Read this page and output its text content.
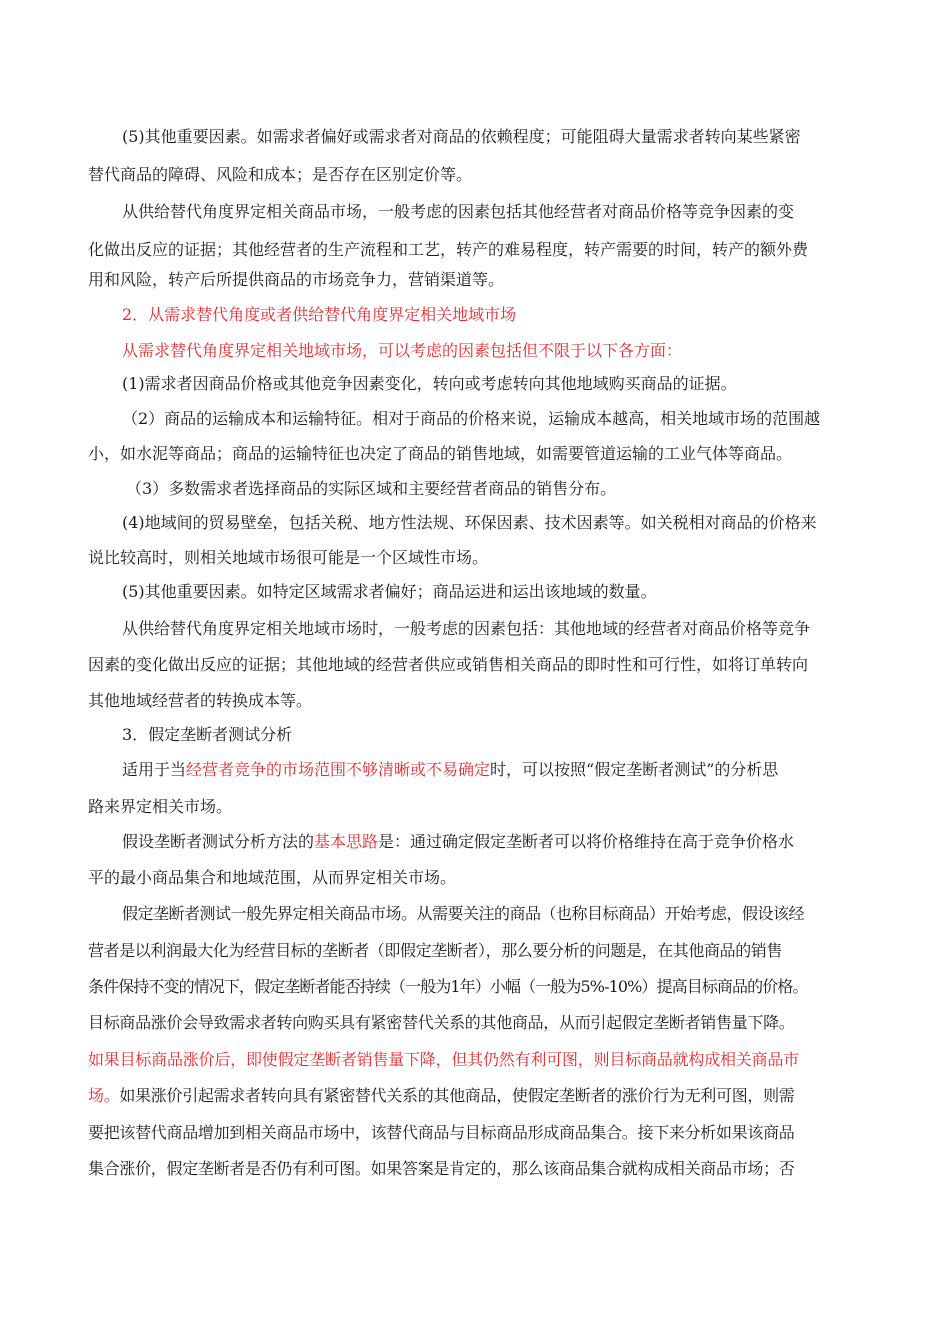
(5)其他重要因素。如需求者偏好或需求者对商品的依赖程度；可能阻碍大量需求者转向某些紧密

替代商品的障碍、风险和成本；是否存在区别定价等。

从供给替代角度界定相关商品市场，一般考虑的因素包括其他经营者对商品价格等竞争因素的变

化做出反应的证据；其他经营者的生产流程和工艺，转产的难易程度，转产需要的时间，转产的额外费

用和风险，转产后所提供商品的市场竞争力，营销渠道等。

2．从需求替代角度或者供给替代角度界定相关地域市场

从需求替代角度界定相关地域市场，可以考虑的因素包括但不限于以下各方面：

(1)需求者因商品价格或其他竞争因素变化，转向或考虑转向其他地域购买商品的证据。

（2）商品的运输成本和运输特征。相对于商品的价格来说，运输成本越高，相关地域市场的范围越

小，如水泥等商品；商品的运输特征也决定了商品的销售地域，如需要管道运输的工业气体等商品。

（3）多数需求者选择商品的实际区域和主要经营者商品的销售分布。

(4)地域间的贸易壁垒，包括关税、地方性法规、环保因素、技术因素等。如关税相对商品的价格来

说比较高时，则相关地域市场很可能是一个区域性市场。

(5)其他重要因素。如特定区域需求者偏好；商品运进和运出该地域的数量。

从供给替代角度界定相关地域市场时，一般考虑的因素包括：其他地域的经营者对商品价格等竞争

因素的变化做出反应的证据；其他地域的经营者供应或销售相关商品的即时性和可行性，如将订单转向

其他地域经营者的转换成本等。

3．假定垄断者测试分析

适用于当经营者竞争的市场范围不够清晰或不易确定时，可以按照“假定垄断者测试”的分析思

路来界定相关市场。

假设垄断者测试分析方法的基本思路是：通过确定假定垄断者可以将价格维持在高于竞争价格水

平的最小商品集合和地域范围，从而界定相关市场。

假定垄断者测试一般先界定相关商品市场。从需要关注的商品（也称目标商品）开始考虑，假设该经

营者是以利润最大化为经营目标的垄断者（即假定垄断者），那么要分析的问题是，在其他商品的销售

条件保持不变的情况下，假定垄断者能否持续（一般为1年）小幅（一般为5%-10%）提高目标商品的价格。

目标商品涨价会导致需求者转向购买具有紧密替代关系的其他商品，从而引起假定垄断者销售量下降。

如果目标商品涨价后，即使假定垄断者销售量下降，但其仍然有利可图，则目标商品就构成相关商品市

场。如果涨价引起需求者转向具有紧密替代关系的其他商品，使假定垄断者的涨价行为无利可图，则需

要把该替代商品增加到相关商品市场中，该替代商品与目标商品形成商品集合。接下来分析如果该商品

集合涨价，假定垄断者是否仍有利可图。如果答案是肯定的，那么该商品集合就构成相关商品市场；否
